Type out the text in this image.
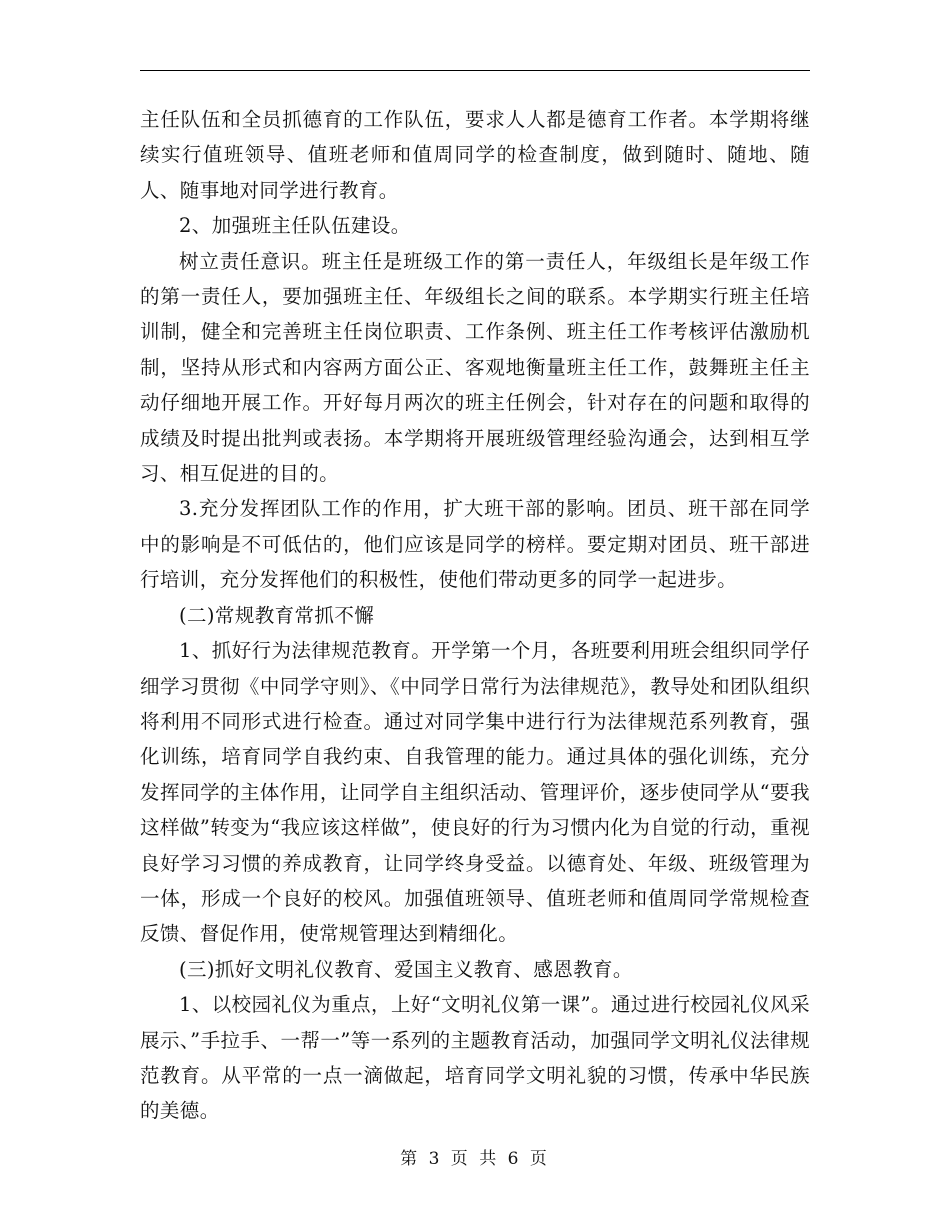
主任队伍和全员抓德育的工作队伍，要求人人都是德育工作者。本学期将继续实行值班领导、值班老师和值周同学的检查制度，做到随时、随地、随人、随事地对同学进行教育。

2、加强班主任队伍建设。

树立责任意识。班主任是班级工作的第一责任人，年级组长是年级工作的第一责任人，要加强班主任、年级组长之间的联系。本学期实行班主任培训制，健全和完善班主任岗位职责、工作条例、班主任工作考核评估激励机制，坚持从形式和内容两方面公正、客观地衡量班主任工作，鼓舞班主任主动仔细地开展工作。开好每月两次的班主任例会，针对存在的问题和取得的成绩及时提出批判或表扬。本学期将开展班级管理经验沟通会，达到相互学习、相互促进的目的。

3.充分发挥团队工作的作用，扩大班干部的影响。团员、班干部在同学中的影响是不可低估的，他们应该是同学的榜样。要定期对团员、班干部进行培训，充分发挥他们的积极性，使他们带动更多的同学一起进步。

(二)常规教育常抓不懈

1、抓好行为法律规范教育。开学第一个月，各班要利用班会组织同学仔细学习贯彻《中同学守则》、《中同学日常行为法律规范》，教导处和团队组织将利用不同形式进行检查。通过对同学集中进行行为法律规范系列教育，强化训练，培育同学自我约束、自我管理的能力。通过具体的强化训练，充分发挥同学的主体作用，让同学自主组织活动、管理评价，逐步使同学从“要我这样做”转变为“我应该这样做”，使良好的行为习惯内化为自觉的行动，重视良好学习习惯的养成教育，让同学终身受益。以德育处、年级、班级管理为一体，形成一个良好的校风。加强值班领导、值班老师和值周同学常规检查反馈、督促作用，使常规管理达到精细化。

(三)抓好文明礼仪教育、爱国主义教育、感恩教育。

1、以校园礼仪为重点，上好“文明礼仪第一课”。通过进行校园礼仪风采展示、”手拉手、一帮一”等一系列的主题教育活动，加强同学文明礼仪法律规范教育。从平常的一点一滴做起，培育同学文明礼貌的习惯，传承中华民族的美德。

第 3 页 共 6 页
